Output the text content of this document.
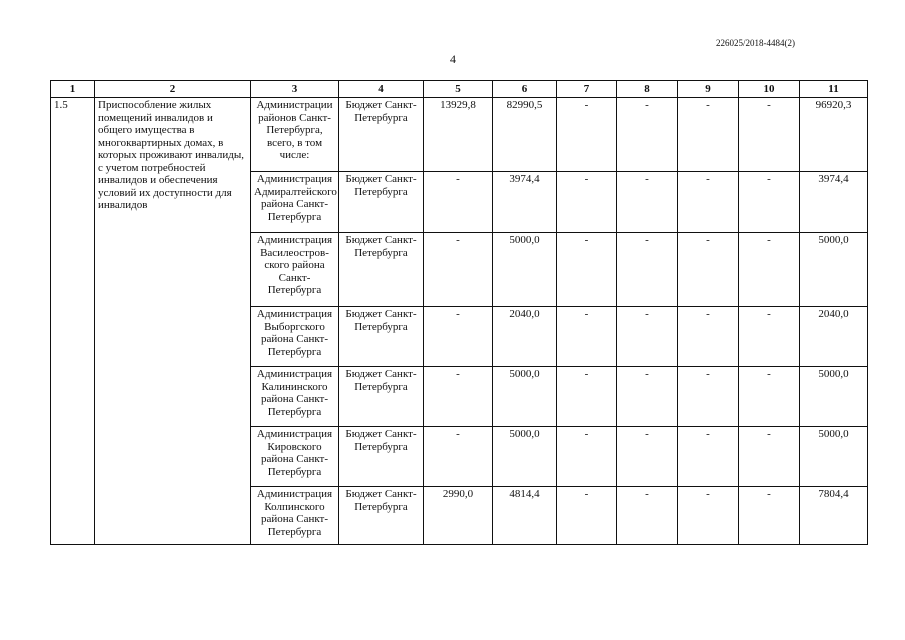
226025/2018-4484(2)
4
1	2	3	4	5	6	7	8	9	10	11
1.5	Приспособление жилых помещений инвалидов и общего имущества в многоквартирных домах, в которых проживают инвалиды, с учетом потребностей инвалидов и обеспечения условий их доступности для инвалидов	Администрации районов Санкт-Петербурга, всего, в том числе:	Бюджет Санкт-Петербурга	13929,8	82990,5	-	-	-	-	96920,3
		Администрация Адмиралтейского района Санкт-Петербурга	Бюджет Санкт-Петербурга	-	3974,4	-	-	-	-	3974,4
		Администрация Василеостров-ского района Санкт-Петербурга	Бюджет Санкт-Петербурга	-	5000,0	-	-	-	-	5000,0
		Администрация Выборгского района Санкт-Петербурга	Бюджет Санкт-Петербурга	-	2040,0	-	-	-	-	2040,0
		Администрация Калининского района Санкт-Петербурга	Бюджет Санкт-Петербурга	-	5000,0	-	-	-	-	5000,0
		Администрация Кировского района Санкт-Петербурга	Бюджет Санкт-Петербурга	-	5000,0	-	-	-	-	5000,0
		Администрация Колпинского района Санкт-Петербурга	Бюджет Санкт-Петербурга	2990,0	4814,4	-	-	-	-	7804,4
